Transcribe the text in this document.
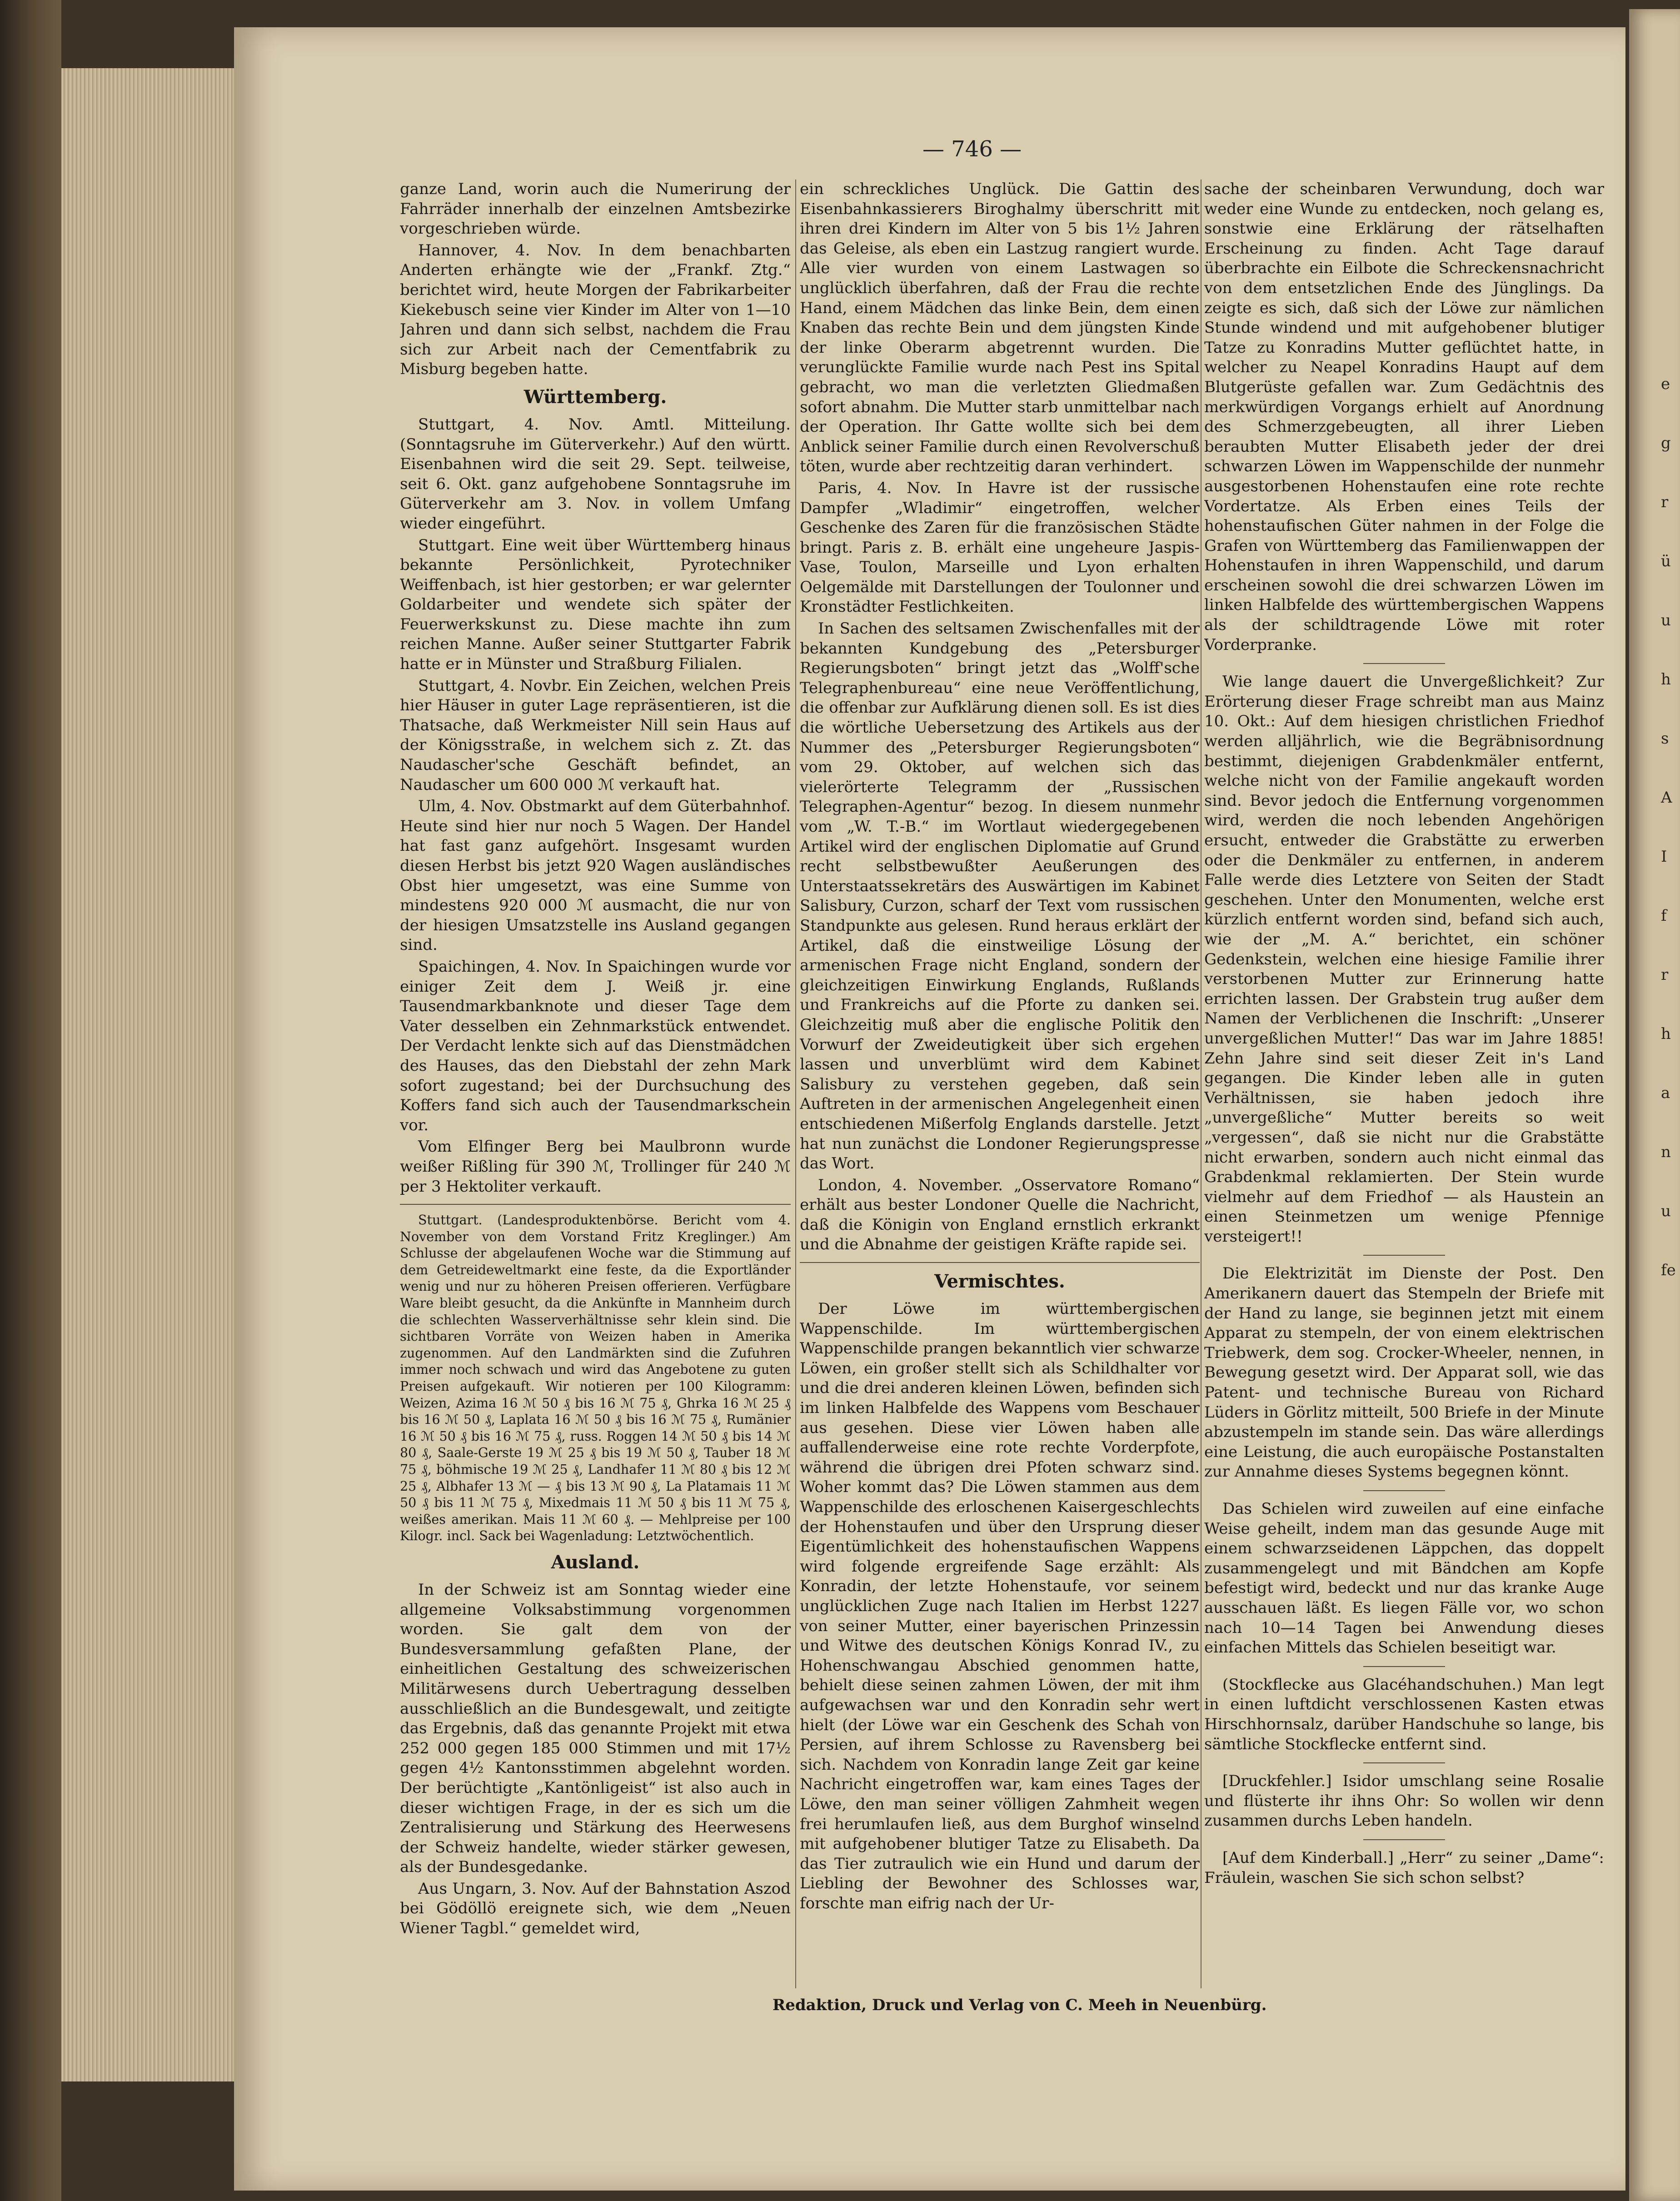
— 746 —

ganze Land, worin auch die Numerirung der Fahrräder innerhalb der einzelnen Amtsbezirke vorgeschrieben würde.

Hannover, 4. Nov. In dem benachbarten Anderten erhängte wie der „Frankf. Ztg.“ berichtet wird, heute Morgen der Fabrikarbeiter Kiekebusch seine vier Kinder im Alter von 1—10 Jahren und dann sich selbst, nachdem die Frau sich zur Arbeit nach der Cementfabrik zu Misburg begeben hatte.

Württemberg.

Stuttgart, 4. Nov. Amtl. Mitteilung. (Sonntagsruhe im Güterverkehr.) Auf den württ. Eisenbahnen wird die seit 29. Sept. teilweise, seit 6. Okt. ganz aufgehobene Sonntagsruhe im Güterverkehr am 3. Nov. in vollem Umfang wieder eingeführt.

Stuttgart. Eine weit über Württemberg hinaus bekannte Persönlichkeit, Pyrotechniker Weiffenbach, ist hier gestorben; er war gelernter Goldarbeiter und wendete sich später der Feuerwerkskunst zu. Diese machte ihn zum reichen Manne. Außer seiner Stuttgarter Fabrik hatte er in Münster und Straßburg Filialen.

Stuttgart, 4. Novbr. Ein Zeichen, welchen Preis hier Häuser in guter Lage repräsentieren, ist die Thatsache, daß Werkmeister Nill sein Haus auf der Königsstraße, in welchem sich z. Zt. das Naudascher'sche Geschäft befindet, an Naudascher um 600 000 ℳ verkauft hat.

Ulm, 4. Nov. Obstmarkt auf dem Güterbahnhof. Heute sind hier nur noch 5 Wagen. Der Handel hat fast ganz aufgehört. Insgesamt wurden diesen Herbst bis jetzt 920 Wagen ausländisches Obst hier umgesetzt, was eine Summe von mindestens 920 000 ℳ ausmacht, die nur von der hiesigen Umsatzstelle ins Ausland gegangen sind.

Spaichingen, 4. Nov. In Spaichingen wurde vor einiger Zeit dem J. Weiß jr. eine Tausendmarkbanknote und dieser Tage dem Vater desselben ein Zehnmarkstück entwendet. Der Verdacht lenkte sich auf das Dienstmädchen des Hauses, das den Diebstahl der zehn Mark sofort zugestand; bei der Durchsuchung des Koffers fand sich auch der Tausendmarkschein vor.

Vom Elfinger Berg bei Maulbronn wurde weißer Rißling für 390 ℳ, Trollinger für 240 ℳ per 3 Hektoliter verkauft.

Stuttgart. (Landesproduktenbörse. Bericht vom 4. November von dem Vorstand Fritz Kreglinger.) Am Schlusse der abgelaufenen Woche war die Stimmung auf dem Getreideweltmarkt eine feste, da die Exportländer wenig und nur zu höheren Preisen offerieren. Verfügbare Ware bleibt gesucht, da die Ankünfte in Mannheim durch die schlechten Wasserverhältnisse sehr klein sind. Die sichtbaren Vorräte von Weizen haben in Amerika zugenommen. Auf den Landmärkten sind die Zufuhren immer noch schwach und wird das Angebotene zu guten Preisen aufgekauft. Wir notieren per 100 Kilogramm: Weizen, Azima 16 ℳ 50 ₰ bis 16 ℳ 75 ₰, Ghrka 16 ℳ 25 ₰ bis 16 ℳ 50 ₰, Laplata 16 ℳ 50 ₰ bis 16 ℳ 75 ₰, Rumänier 16 ℳ 50 ₰ bis 16 ℳ 75 ₰, russ. Roggen 14 ℳ 50 ₰ bis 14 ℳ 80 ₰, Saale-Gerste 19 ℳ 25 ₰ bis 19 ℳ 50 ₰, Tauber 18 ℳ 75 ₰, böhmische 19 ℳ 25 ₰, Landhafer 11 ℳ 80 ₰ bis 12 ℳ 25 ₰, Albhafer 13 ℳ — ₰ bis 13 ℳ 90 ₰, La Platamais 11 ℳ 50 ₰ bis 11 ℳ 75 ₰, Mixedmais 11 ℳ 50 ₰ bis 11 ℳ 75 ₰, weißes amerikan. Mais 11 ℳ 60 ₰. — Mehlpreise per 100 Kilogr. incl. Sack bei Wagenladung: Letztwöchentlich.

Ausland.

In der Schweiz ist am Sonntag wieder eine allgemeine Volksabstimmung vorgenommen worden. Sie galt dem von der Bundesversammlung gefaßten Plane, der einheitlichen Gestaltung des schweizerischen Militärwesens durch Uebertragung desselben ausschließlich an die Bundesgewalt, und zeitigte das Ergebnis, daß das genannte Projekt mit etwa 252 000 gegen 185 000 Stimmen und mit 17½ gegen 4½ Kantonsstimmen abgelehnt worden. Der berüchtigte „Kantönligeist“ ist also auch in dieser wichtigen Frage, in der es sich um die Zentralisierung und Stärkung des Heerwesens der Schweiz handelte, wieder stärker gewesen, als der Bundesgedanke.

Aus Ungarn, 3. Nov. Auf der Bahnstation Aszod bei Gödöllö ereignete sich, wie dem „Neuen Wiener Tagbl.“ gemeldet wird,

ein schreckliches Unglück. Die Gattin des Eisenbahnkassierers Biroghalmy überschritt mit ihren drei Kindern im Alter von 5 bis 1½ Jahren das Geleise, als eben ein Lastzug rangiert wurde. Alle vier wurden von einem Lastwagen so unglücklich überfahren, daß der Frau die rechte Hand, einem Mädchen das linke Bein, dem einen Knaben das rechte Bein und dem jüngsten Kinde der linke Oberarm abgetrennt wurden. Die verunglückte Familie wurde nach Pest ins Spital gebracht, wo man die verletzten Gliedmaßen sofort abnahm. Die Mutter starb unmittelbar nach der Operation. Ihr Gatte wollte sich bei dem Anblick seiner Familie durch einen Revolverschuß töten, wurde aber rechtzeitig daran verhindert.

Paris, 4. Nov. In Havre ist der russische Dampfer „Wladimir“ eingetroffen, welcher Geschenke des Zaren für die französischen Städte bringt. Paris z. B. erhält eine ungeheure Jaspis-Vase, Toulon, Marseille und Lyon erhalten Oelgemälde mit Darstellungen der Toulonner und Kronstädter Festlichkeiten.

In Sachen des seltsamen Zwischenfalles mit der bekannten Kundgebung des „Petersburger Regierungsboten“ bringt jetzt das „Wolff'sche Telegraphenbureau“ eine neue Veröffentlichung, die offenbar zur Aufklärung dienen soll. Es ist dies die wörtliche Uebersetzung des Artikels aus der Nummer des „Petersburger Regierungsboten“ vom 29. Oktober, auf welchen sich das vielerörterte Telegramm der „Russischen Telegraphen-Agentur“ bezog. In diesem nunmehr vom „W. T.-B.“ im Wortlaut wiedergegebenen Artikel wird der englischen Diplomatie auf Grund recht selbstbewußter Aeußerungen des Unterstaatssekretärs des Auswärtigen im Kabinet Salisbury, Curzon, scharf der Text vom russischen Standpunkte aus gelesen. Rund heraus erklärt der Artikel, daß die einstweilige Lösung der armenischen Frage nicht England, sondern der gleichzeitigen Einwirkung Englands, Rußlands und Frankreichs auf die Pforte zu danken sei. Gleichzeitig muß aber die englische Politik den Vorwurf der Zweideutigkeit über sich ergehen lassen und unverblümt wird dem Kabinet Salisbury zu verstehen gegeben, daß sein Auftreten in der armenischen Angelegenheit einen entschiedenen Mißerfolg Englands darstelle. Jetzt hat nun zunächst die Londoner Regierungspresse das Wort.

London, 4. November. „Osservatore Romano“ erhält aus bester Londoner Quelle die Nachricht, daß die Königin von England ernstlich erkrankt und die Abnahme der geistigen Kräfte rapide sei.

Vermischtes.

Der Löwe im württembergischen Wappenschilde. Im württembergischen Wappenschilde prangen bekanntlich vier schwarze Löwen, ein großer stellt sich als Schildhalter vor und die drei anderen kleinen Löwen, befinden sich im linken Halbfelde des Wappens vom Beschauer aus gesehen. Diese vier Löwen haben alle auffallenderweise eine rote rechte Vorderpfote, während die übrigen drei Pfoten schwarz sind. Woher kommt das? Die Löwen stammen aus dem Wappenschilde des erloschenen Kaisergeschlechts der Hohenstaufen und über den Ursprung dieser Eigentümlichkeit des hohenstaufischen Wappens wird folgende ergreifende Sage erzählt: Als Konradin, der letzte Hohenstaufe, vor seinem unglücklichen Zuge nach Italien im Herbst 1227 von seiner Mutter, einer bayerischen Prinzessin und Witwe des deutschen Königs Konrad IV., zu Hohenschwangau Abschied genommen hatte, behielt diese seinen zahmen Löwen, der mit ihm aufgewachsen war und den Konradin sehr wert hielt (der Löwe war ein Geschenk des Schah von Persien, auf ihrem Schlosse zu Ravensberg bei sich. Nachdem von Konradin lange Zeit gar keine Nachricht eingetroffen war, kam eines Tages der Löwe, den man seiner völligen Zahmheit wegen frei herumlaufen ließ, aus dem Burghof winselnd mit aufgehobener blutiger Tatze zu Elisabeth. Da das Tier zutraulich wie ein Hund und darum der Liebling der Bewohner des Schlosses war, forschte man eifrig nach der Ur-

sache der scheinbaren Verwundung, doch war weder eine Wunde zu entdecken, noch gelang es, sonstwie eine Erklärung der rätselhaften Erscheinung zu finden. Acht Tage darauf überbrachte ein Eilbote die Schreckensnachricht von dem entsetzlichen Ende des Jünglings. Da zeigte es sich, daß sich der Löwe zur nämlichen Stunde windend und mit aufgehobener blutiger Tatze zu Konradins Mutter geflüchtet hatte, in welcher zu Neapel Konradins Haupt auf dem Blutgerüste gefallen war. Zum Gedächtnis des merkwürdigen Vorgangs erhielt auf Anordnung des Schmerzgebeugten, all ihrer Lieben beraubten Mutter Elisabeth jeder der drei schwarzen Löwen im Wappenschilde der nunmehr ausgestorbenen Hohenstaufen eine rote rechte Vordertatze. Als Erben eines Teils der hohenstaufischen Güter nahmen in der Folge die Grafen von Württemberg das Familienwappen der Hohenstaufen in ihren Wappenschild, und darum erscheinen sowohl die drei schwarzen Löwen im linken Halbfelde des württembergischen Wappens als der schildtragende Löwe mit roter Vorderpranke.

Wie lange dauert die Unvergeßlichkeit? Zur Erörterung dieser Frage schreibt man aus Mainz 10. Okt.: Auf dem hiesigen christlichen Friedhof werden alljährlich, wie die Begräbnisordnung bestimmt, diejenigen Grabdenkmäler entfernt, welche nicht von der Familie angekauft worden sind. Bevor jedoch die Entfernung vorgenommen wird, werden die noch lebenden Angehörigen ersucht, entweder die Grabstätte zu erwerben oder die Denkmäler zu entfernen, in anderem Falle werde dies Letztere von Seiten der Stadt geschehen. Unter den Monumenten, welche erst kürzlich entfernt worden sind, befand sich auch, wie der „M. A.“ berichtet, ein schöner Gedenkstein, welchen eine hiesige Familie ihrer verstorbenen Mutter zur Erinnerung hatte errichten lassen. Der Grabstein trug außer dem Namen der Verblichenen die Inschrift: „Unserer unvergeßlichen Mutter!“ Das war im Jahre 1885! Zehn Jahre sind seit dieser Zeit in's Land gegangen. Die Kinder leben alle in guten Verhältnissen, sie haben jedoch ihre „unvergeßliche“ Mutter bereits so weit „vergessen“, daß sie nicht nur die Grabstätte nicht erwarben, sondern auch nicht einmal das Grabdenkmal reklamierten. Der Stein wurde vielmehr auf dem Friedhof — als Haustein an einen Steinmetzen um wenige Pfennige versteigert!!

Die Elektrizität im Dienste der Post. Den Amerikanern dauert das Stempeln der Briefe mit der Hand zu lange, sie beginnen jetzt mit einem Apparat zu stempeln, der von einem elektrischen Triebwerk, dem sog. Crocker-Wheeler, nennen, in Bewegung gesetzt wird. Der Apparat soll, wie das Patent- und technische Bureau von Richard Lüders in Görlitz mitteilt, 500 Briefe in der Minute abzustempeln im stande sein. Das wäre allerdings eine Leistung, die auch europäische Postanstalten zur Annahme dieses Systems begegnen könnt.

Das Schielen wird zuweilen auf eine einfache Weise geheilt, indem man das gesunde Auge mit einem schwarzseidenen Läppchen, das doppelt zusammengelegt und mit Bändchen am Kopfe befestigt wird, bedeckt und nur das kranke Auge ausschauen läßt. Es liegen Fälle vor, wo schon nach 10—14 Tagen bei Anwendung dieses einfachen Mittels das Schielen beseitigt war.

(Stockflecke aus Glacéhandschuhen.) Man legt in einen luftdicht verschlossenen Kasten etwas Hirschhornsalz, darüber Handschuhe so lange, bis sämtliche Stockflecke entfernt sind.

[Druckfehler.] Isidor umschlang seine Rosalie und flüsterte ihr ihns Ohr: So wollen wir denn zusammen durchs Leben handeln.

[Auf dem Kinderball.] „Herr“ zu seiner „Dame“: Fräulein, waschen Sie sich schon selbst?

Redaktion, Druck und Verlag von C. Meeh in Neuenbürg.
e
g
r
ü
u
h
s
A
I
f
r
h
a
n
u
fe
